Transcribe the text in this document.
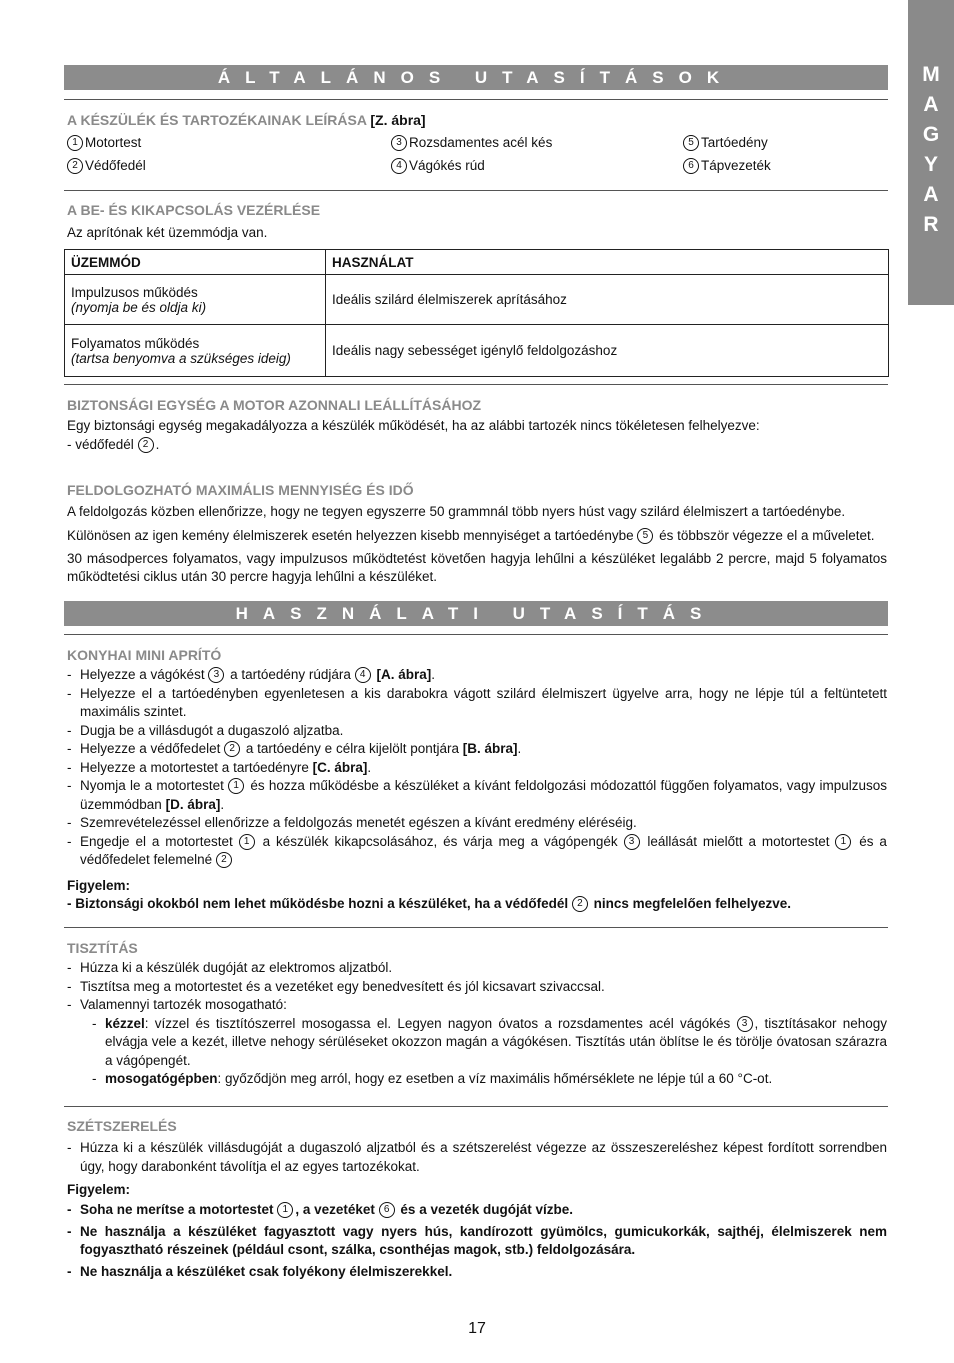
M
A
G
Y
A
R
ÁLTALÁNOS UTASÍTÁSOK
A KÉSZÜLÉK ÉS TARTOZÉKAINAK LEÍRÁSA [Z. ábra]
1 Motortest
2 Védőfedél
3 Rozsdamentes acél kés
4 Vágókés rúd
5 Tartóedény
6 Tápvezeték
A BE- ÉS KIKAPCSOLÁS VEZÉRLÉSE
Az aprítónak két üzemmódja van.
ÜZEMMÓD	HASZNÁLAT

Impulzusos működés
(nyomja be és oldja ki)	Ideális szilárd élelmiszerek aprításához

Folyamatos működés
(tartsa benyomva a szükséges ideig)	Ideális nagy sebességet igénylő feldolgozáshoz
BIZTONSÁGI EGYSÉG A MOTOR AZONNALI LEÁLLÍTÁSÁHOZ
Egy biztonsági egység megakadályozza a készülék működését, ha az alábbi tartozék nincs tökéletesen felhelyezve:
- védőfedél 2 .
FELDOLGOZHATÓ MAXIMÁLIS MENNYISÉG ÉS IDŐ
A feldolgozás közben ellenőrizze, hogy ne tegyen egyszerre 50 grammnál több nyers húst vagy szilárd élelmiszert a tartóedénybe.
Különösen az igen kemény élelmiszerek esetén helyezzen kisebb mennyiséget a tartóedénybe 5 és többször végezze el a műveletet.
30 másodperces folyamatos, vagy impulzusos működtetést követően hagyja lehűlni a készüléket legalább 2 percre, majd 5 folyamatos működtetési ciklus után 30 percre hagyja lehűlni a készüléket.
HASZNÁLATI UTASÍTÁS
KONYHAI MINI APRÍTÓ
- Helyezze a vágókést 3 a tartóedény rúdjára 4 [A. ábra].
- Helyezze el a tartóedényben egyenletesen a kis darabokra vágott szilárd élelmiszert ügyelve arra, hogy ne lépje túl a feltüntetett maximális szintet.
- Dugja be a villásdugót a dugaszoló aljzatba.
- Helyezze a védőfedelet 2 a tartóedény e célra kijelölt pontjára [B. ábra].
- Helyezze a motortestet a tartóedényre [C. ábra].
- Nyomja le a motortestet 1 és hozza működésbe a készüléket a kívánt feldolgozási módozattól függően folyamatos, vagy impulzusos üzemmódban [D. ábra].
- Szemrevételezéssel ellenőrizze a feldolgozás menetét egészen a kívánt eredmény eléréséig.
- Engedje el a motortestet 1 a készülék kikapcsolásához, és várja meg a vágópengék 3 leállását mielőtt a motortestet 1 és a védőfedelet felemelné 2
Figyelem:
- Biztonsági okokból nem lehet működésbe hozni a készüléket, ha a védőfedél 2 nincs megfelelően felhelyezve.
TISZTÍTÁS
- Húzza ki a készülék dugóját az elektromos aljzatból.
- Tisztítsa meg a motortestet és a vezetéket egy benedvesített és jól kicsavart szivaccsal.
- Valamennyi tartozék mosogatható:
- kézzel: vízzel és tisztítószerrel mosogassa el. Legyen nagyon óvatos a rozsdamentes acél vágókés 3 , tisztításakor nehogy elvágja vele a kezét, illetve nehogy sérüléseket okozzon magán a vágókésen. Tisztítás után öblítse le és törölje óvatosan szárazra a vágópengét.
- mosogatógépben: győződjön meg arról, hogy ez esetben a víz maximális hőmérséklete ne lépje túl a 60 °C-ot.
SZÉTSZERELÉS
- Húzza ki a készülék villásdugóját a dugaszoló aljzatból és a szétszerelést végezze az összeszereléshez képest fordított sorrendben úgy, hogy darabonként távolítja el az egyes tartozékokat.
Figyelem:
- Soha ne merítse a motortestet 1 , a vezetéket 6 és a vezeték dugóját vízbe.
- Ne használja a készüléket fagyasztott vagy nyers hús, kandírozott gyümölcs, gumicukorkák, sajthéj, élelmiszerek nem fogyasztható részeinek (például csont, szálka, csonthéjas magok, stb.) feldolgozására.
- Ne használja a készüléket csak folyékony élelmiszerekkel.
17
